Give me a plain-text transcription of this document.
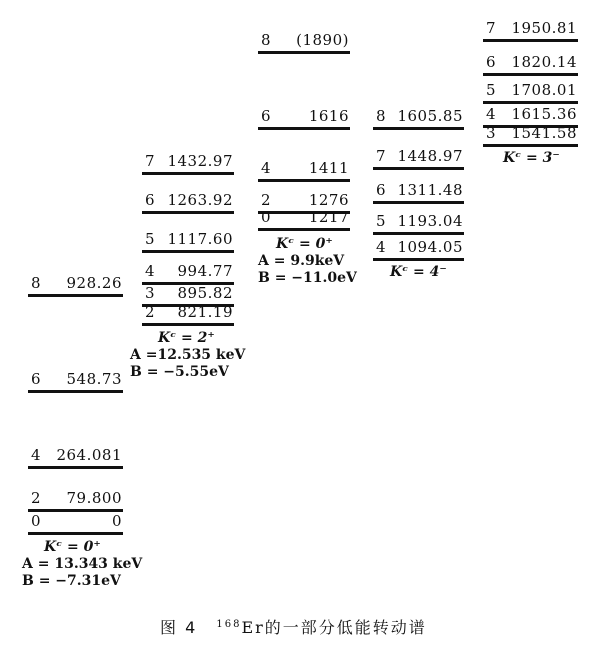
8 928.26
6 548.73
4 264.081
2 79.800
0	0
Kᶜ = 0⁺
A = 13.343 keV
B = −7.31eV
7 1432.97
6 1263.92
5 1117.60
4 994.77
3 895.82
2 821.19
Kᶜ = 2⁺
A =12.535 keV
B = −5.55eV
8 (1890)
6	1616
4	1411
2	1276
0	1217
Kᶜ = 0⁺
A = 9.9keV
B = −11.0eV
8 1605.85
7 1448.97
6 1311.48
5 1193.04
4 1094.05
Kᶜ = 4⁻
7 1950.81
6 1820.14
5 1708.01
4 1615.36
3 1541.58
Kᶜ = 3⁻
图 4 $^{168}$Er的一部分低能转动谱
